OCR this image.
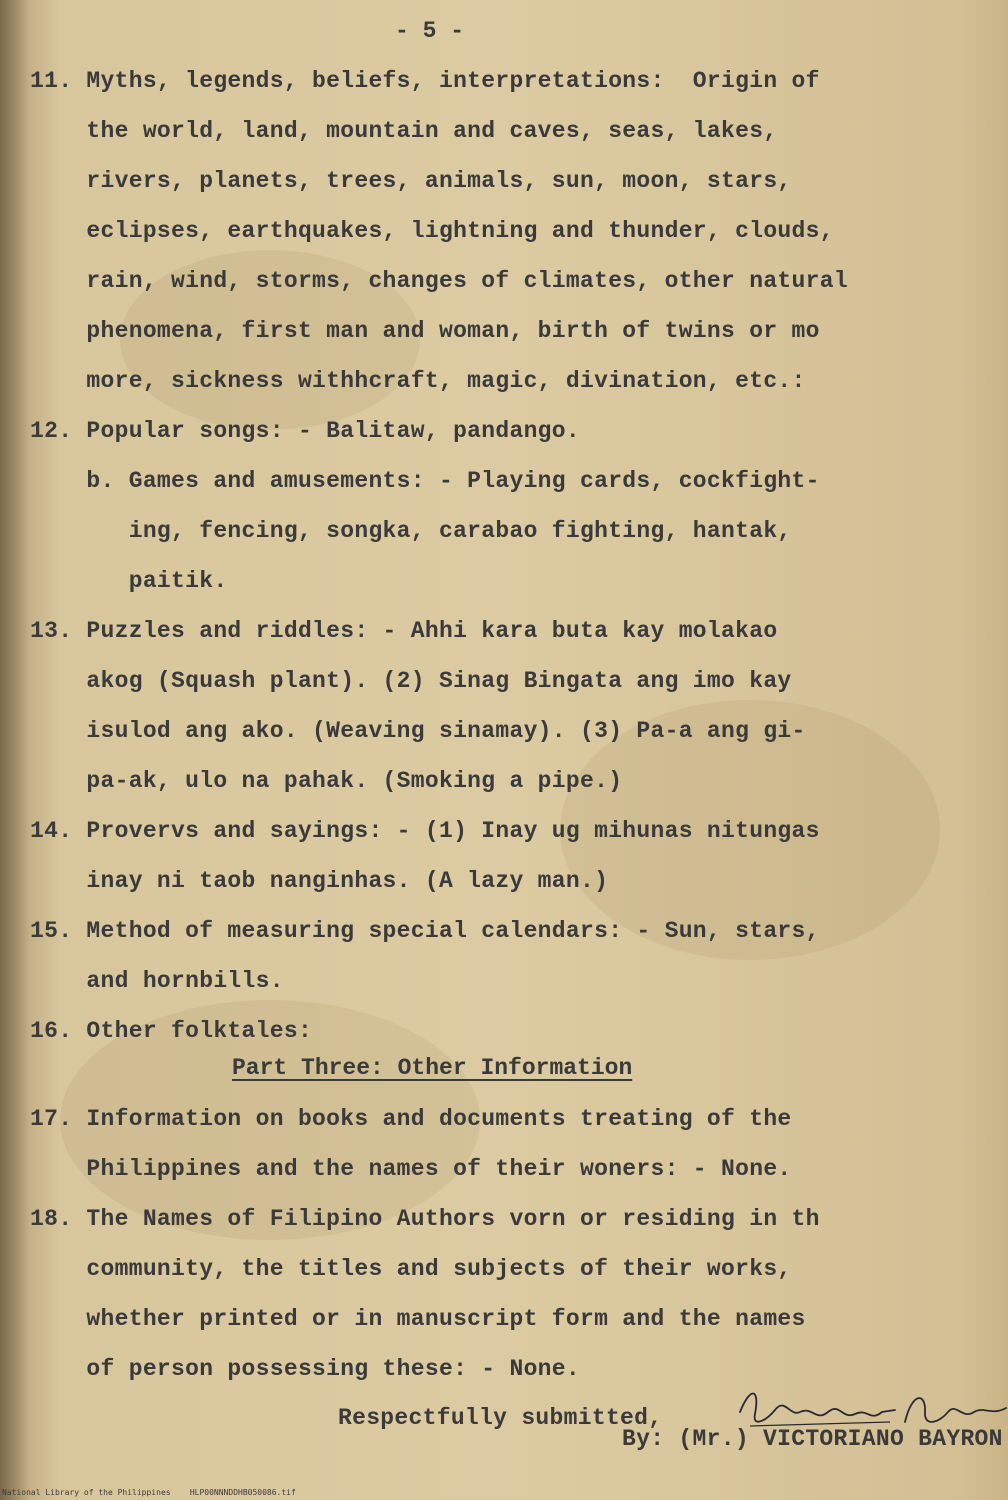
- 5 -
11. Myths, legends, beliefs, interpretations:  Origin of
the world, land, mountain and caves, seas, lakes,
rivers, planets, trees, animals, sun, moon, stars,
eclipses, earthquakes, lightning and thunder, clouds,
rain, wind, storms, changes of climates, other natural
phenomena, first man and woman, birth of twins or mo
more, sickness withhcraft, magic, divination, etc.:
12. Popular songs: - Balitaw, pandango.
b. Games and amusements: - Playing cards, cockfight-
ing, fencing, songka, carabao fighting, hantak,
paitik.
13. Puzzles and riddles: - Ahhi kara buta kay molakao
akog (Squash plant). (2) Sinag Bingata ang imo kay
isulod ang ako. (Weaving sinamay). (3) Pa-a ang gi-
pa-ak, ulo na pahak. (Smoking a pipe.)
14. Provervs and sayings: - (1) Inay ug mihunas nitungas
inay ni taob nanginhas. (A lazy man.)
15. Method of measuring special calendars: - Sun, stars,
and hornbills.
16. Other folktales:
Part Three: Other Information
17. Information on books and documents treating of the
Philippines and the names of their woners: - None.
18. The Names of Filipino Authors vorn or residing in th
community, the titles and subjects of their works,
whether printed or in manuscript form and the names
of person possessing these: - None.
Respectfully submitted,
By: (Mr.) VICTORIANO BAYRON
National Library of the Philippines    HLP00NNNDDHB050086.tif
